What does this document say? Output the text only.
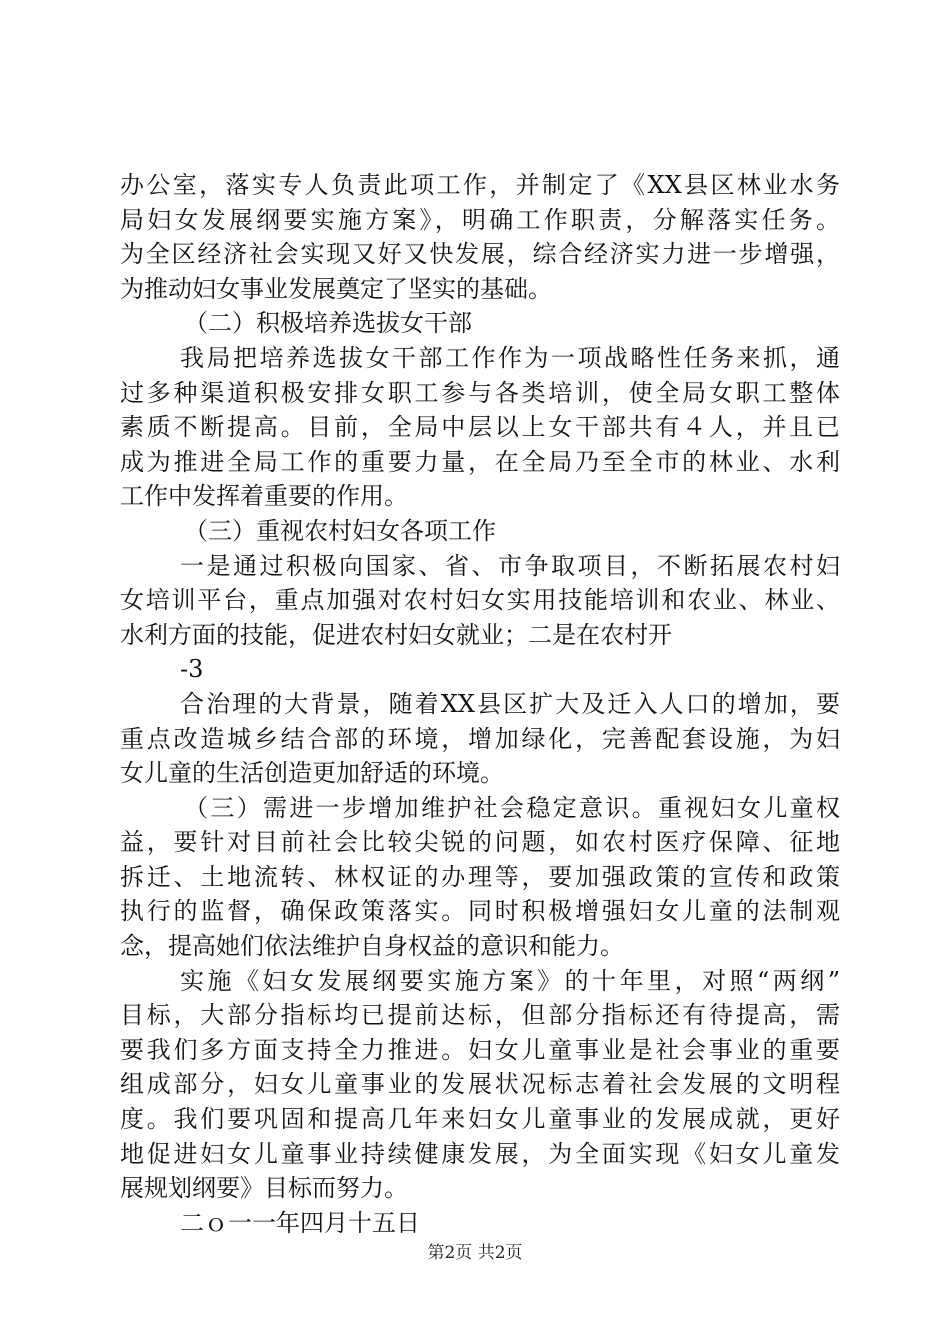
办公室，落实专人负责此项工作，并制定了《XX县区林业水务
局妇女发展纲要实施方案》，明确工作职责，分解落实任务。
为全区经济社会实现又好又快发展，综合经济实力进一步增强，
为推动妇女事业发展奠定了坚实的基础。
（二）积极培养选拔女干部
我局把培养选拔女干部工作作为一项战略性任务来抓，通
过多种渠道积极安排女职工参与各类培训，使全局女职工整体
素质不断提高。目前，全局中层以上女干部共有４人，并且已
成为推进全局工作的重要力量，在全局乃至全市的林业、水利
工作中发挥着重要的作用。
（三）重视农村妇女各项工作
一是通过积极向国家、省、市争取项目，不断拓展农村妇
女培训平台，重点加强对农村妇女实用技能培训和农业、林业、
水利方面的技能，促进农村妇女就业；二是在农村开
-3
合治理的大背景，随着XX县区扩大及迁入人口的增加，要
重点改造城乡结合部的环境，增加绿化，完善配套设施，为妇
女儿童的生活创造更加舒适的环境。
（三）需进一步增加维护社会稳定意识。重视妇女儿童权
益，要针对目前社会比较尖锐的问题，如农村医疗保障、征地
拆迁、土地流转、林权证的办理等，要加强政策的宣传和政策
执行的监督，确保政策落实。同时积极增强妇女儿童的法制观
念，提高她们依法维护自身权益的意识和能力。
实施《妇女发展纲要实施方案》的十年里，对照“两纲”
目标，大部分指标均已提前达标，但部分指标还有待提高，需
要我们多方面支持全力推进。妇女儿童事业是社会事业的重要
组成部分，妇女儿童事业的发展状况标志着社会发展的文明程
度。我们要巩固和提高几年来妇女儿童事业的发展成就，更好
地促进妇女儿童事业持续健康发展，为全面实现《妇女儿童发
展规划纲要》目标而努力。
二ｏ一一年四月十五日
第2页 共2页
